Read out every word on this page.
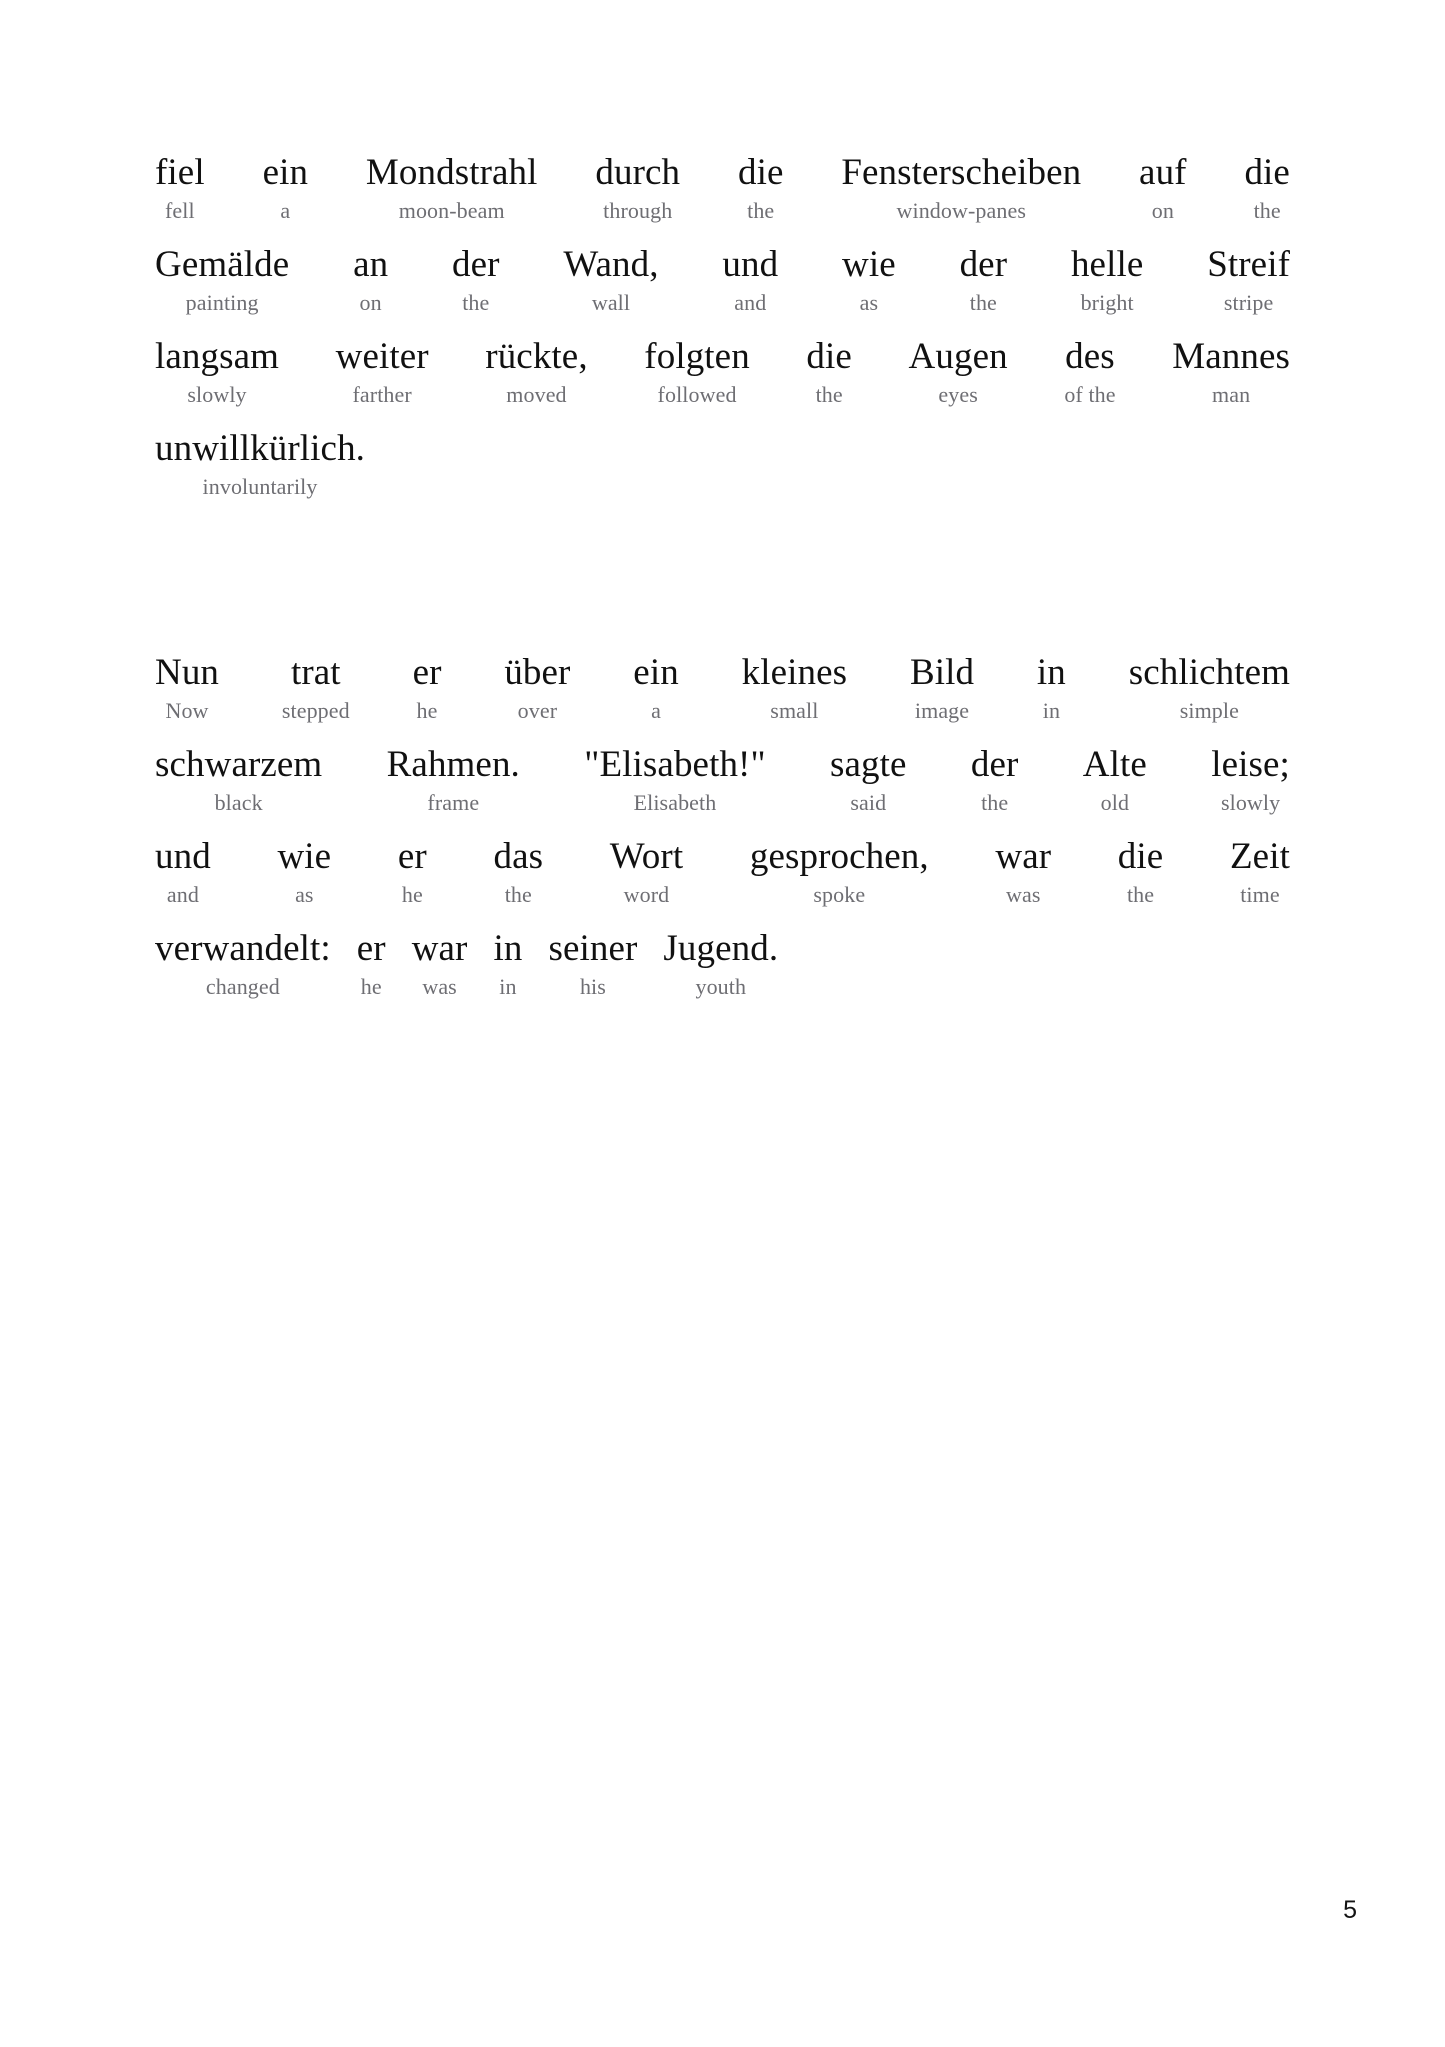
fiel
fell
ein
a
Mondstrahl
moon-beam
durch
through
die
the
Fensterscheiben
window-panes
auf
on
die
the
Gemälde
painting
an
on
der
the
Wand,
wall
und
and
wie
as
der
the
helle
bright
Streif
stripe
langsam
slowly
weiter
farther
rückte,
moved
folgten
followed
die
the
Augen
eyes
des
of the
Mannes
man
unwillkürlich.
involuntarily
Nun
Now
trat
stepped
er
he
über
over
ein
a
kleines
small
Bild
image
in
in
schlichtem
simple
schwarzem
black
Rahmen.
frame
"Elisabeth!"
Elisabeth
sagte
said
der
the
Alte
old
leise;
slowly
und
and
wie
as
er
he
das
the
Wort
word
gesprochen,
spoke
war
was
die
the
Zeit
time
verwandelt:
changed
er
he
war
was
in
in
seiner
his
Jugend.
youth
5
